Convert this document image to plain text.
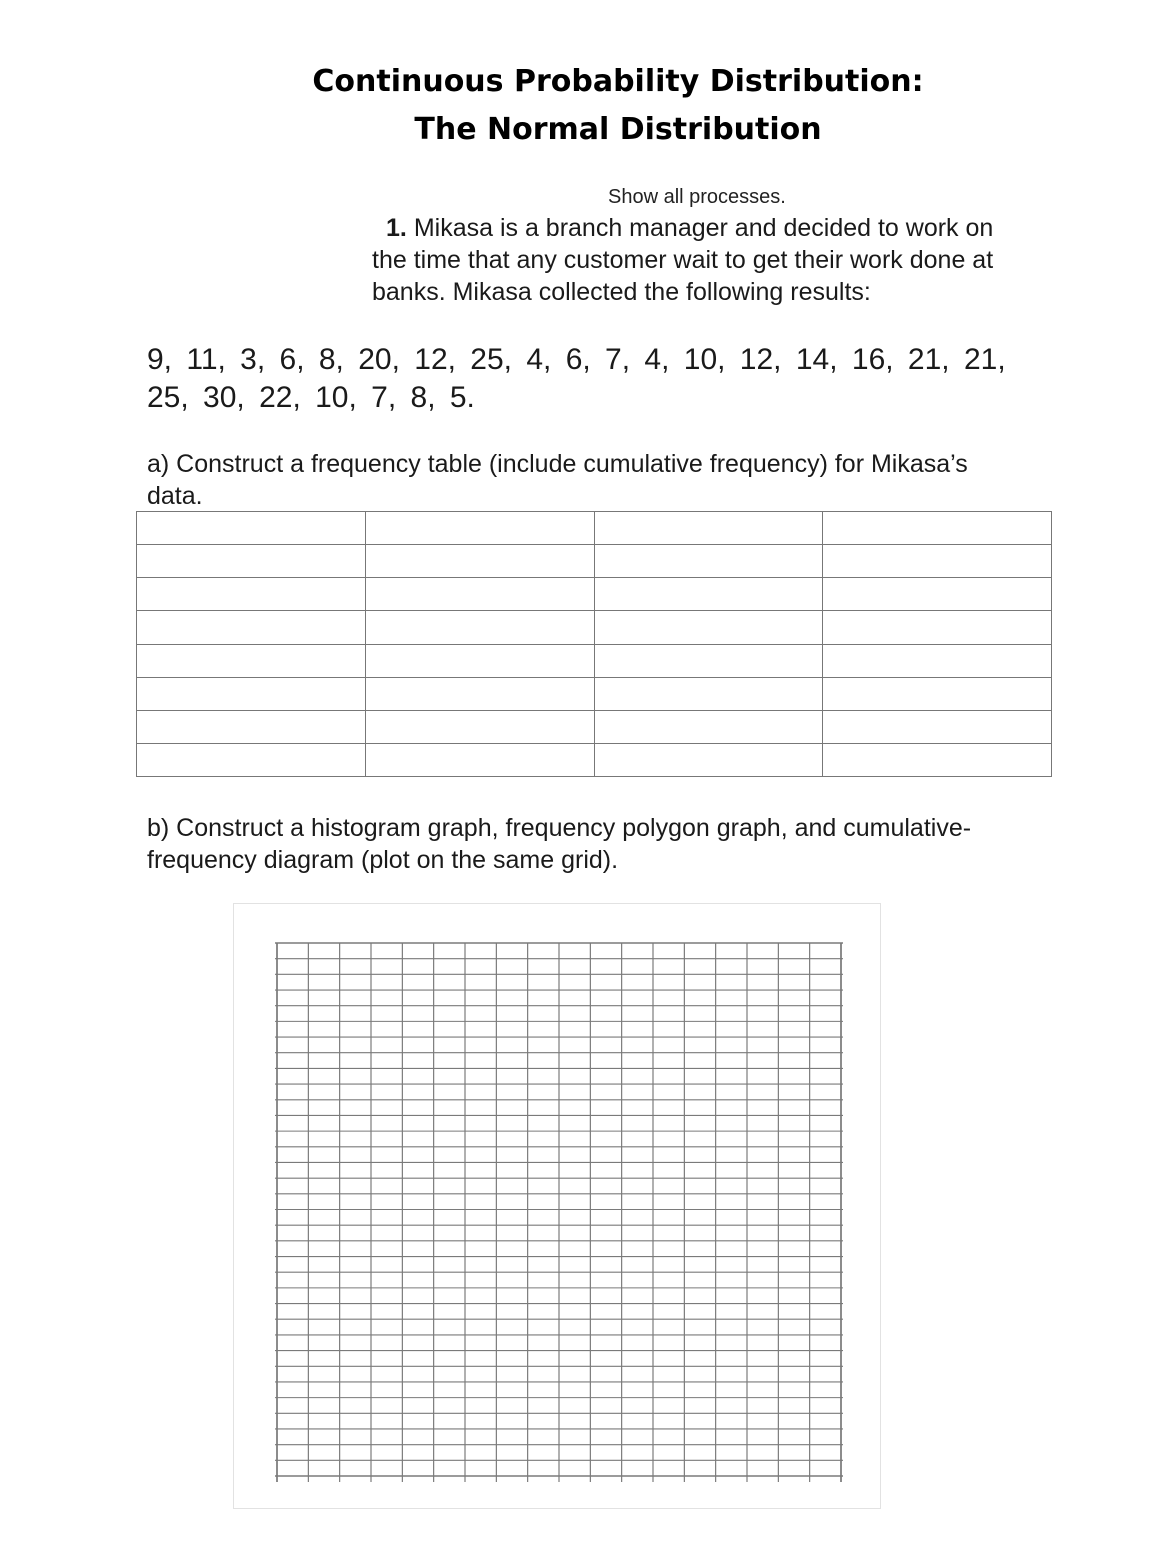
Continuous Probability Distribution:
The Normal Distribution
Show all processes.

1. Mikasa is a branch manager and decided to work on the time that any customer wait to get their work done at banks. Mikasa collected the following results:

9, 11, 3, 6, 8, 20, 12, 25, 4, 6, 7, 4, 10, 12, 14, 16, 21, 21, 25, 30, 22, 10, 7, 8, 5.

a) Construct a frequency table (include cumulative frequency) for Mikasa’s data.

b) Construct a histogram graph, frequency polygon graph, and cumulative-frequency diagram (plot on the same grid).
